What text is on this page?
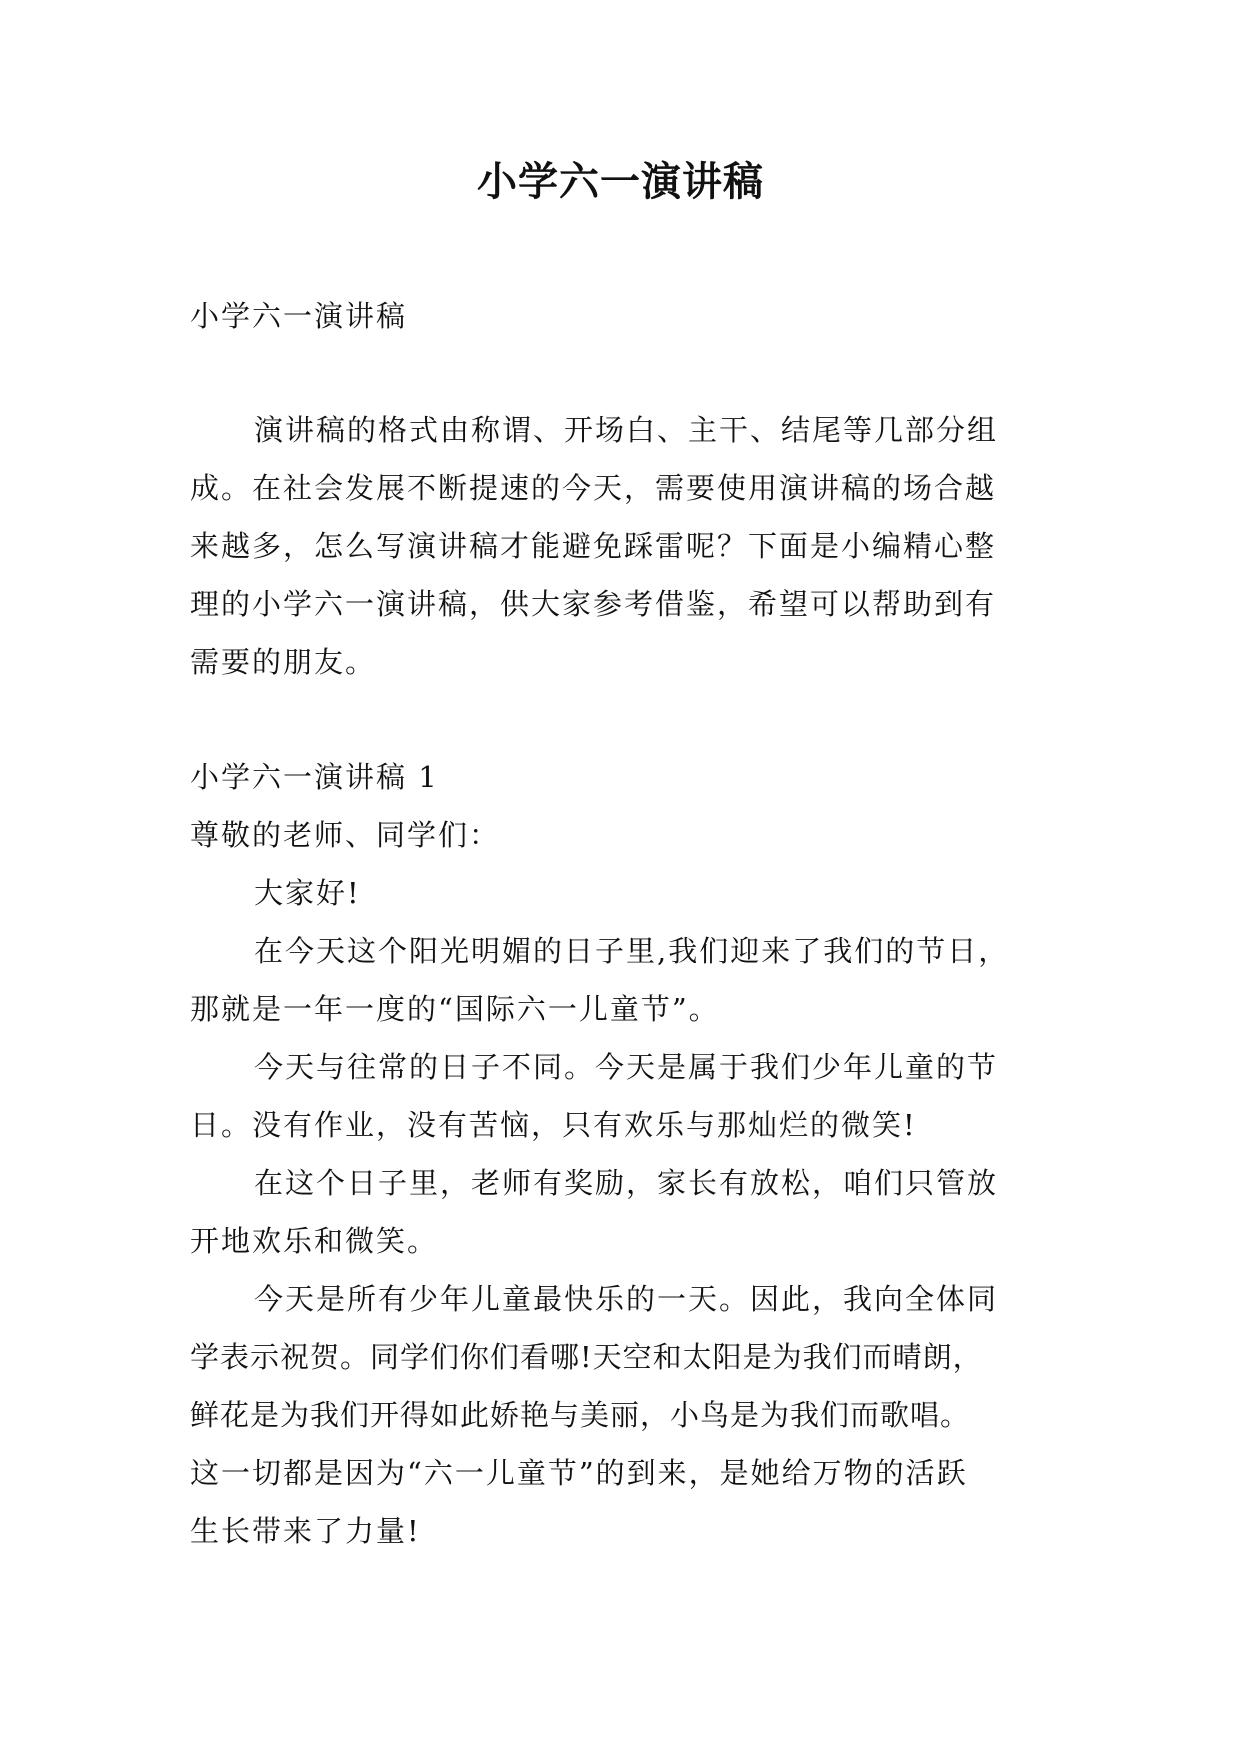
小学六一演讲稿

小学六一演讲稿

演讲稿的格式由称谓、开场白、主干、结尾等几部分组

成。在社会发展不断提速的今天，需要使用演讲稿的场合越

来越多，怎么写演讲稿才能避免踩雷呢？下面是小编精心整

理的小学六一演讲稿，供大家参考借鉴，希望可以帮助到有

需要的朋友。

小学六一演讲稿 1

尊敬的老师、同学们：

大家好!

在今天这个阳光明媚的日子里,我们迎来了我们的节日，

那就是一年一度的“国际六一儿童节”。

今天与往常的日子不同。今天是属于我们少年儿童的节

日。没有作业，没有苦恼，只有欢乐与那灿烂的微笑!

在这个日子里，老师有奖励，家长有放松，咱们只管放

开地欢乐和微笑。

今天是所有少年儿童最快乐的一天。因此，我向全体同

学表示祝贺。同学们你们看哪!天空和太阳是为我们而晴朗，

鲜花是为我们开得如此娇艳与美丽，小鸟是为我们而歌唱。

这一切都是因为“六一儿童节”的到来，是她给万物的活跃

生长带来了力量!
